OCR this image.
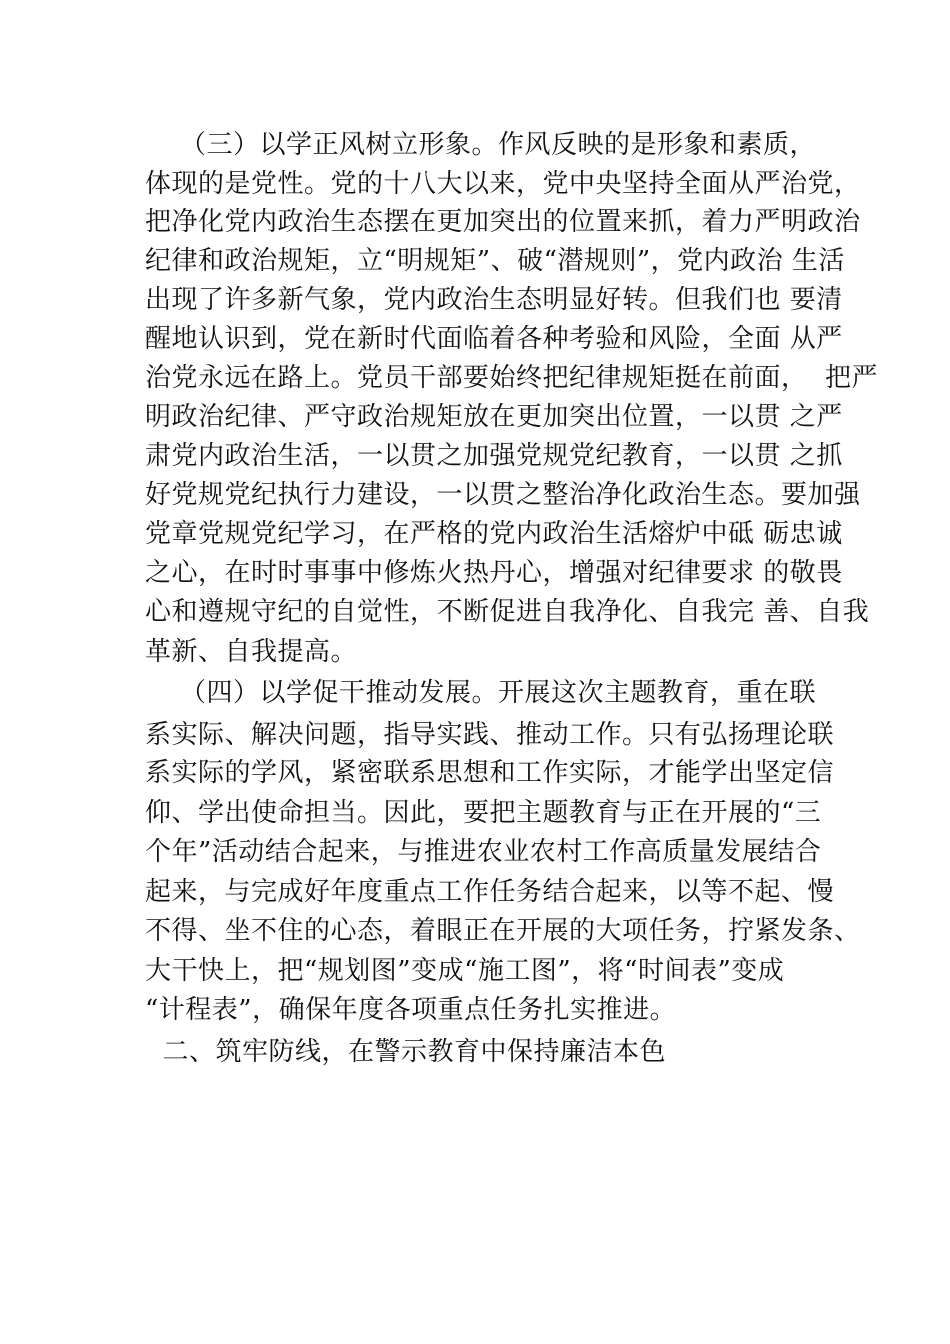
（三）以学正风树立形象。作风反映的是形象和素质，
体现的是党性。党的十八大以来，党中央坚持全面从严治党，
把净化党内政治生态摆在更加突出的位置来抓，着力严明政治
纪律和政治规矩，立“明规矩”、破“潜规则”，党内政治 生活
出现了许多新气象，党内政治生态明显好转。但我们也 要清
醒地认识到，党在新时代面临着各种考验和风险，全面 从严
治党永远在路上。党员干部要始终把纪律规矩挺在前面，  把严
明政治纪律、严守政治规矩放在更加突出位置，一以贯 之严
肃党内政治生活，一以贯之加强党规党纪教育，一以贯 之抓
好党规党纪执行力建设，一以贯之整治净化政治生态。要加强
党章党规党纪学习，在严格的党内政治生活熔炉中砥 砺忠诚
之心，在时时事事中修炼火热丹心，增强对纪律要求 的敬畏
心和遵规守纪的自觉性，不断促进自我净化、自我完 善、自我
革新、自我提高。
（四）以学促干推动发展。开展这次主题教育，重在联
系实际、解决问题，指导实践、推动工作。只有弘扬理论联
系实际的学风，紧密联系思想和工作实际，才能学出坚定信
仰、学出使命担当。因此，要把主题教育与正在开展的“三
个年”活动结合起来，与推进农业农村工作高质量发展结合
起来，与完成好年度重点工作任务结合起来，以等不起、慢
不得、坐不住的心态，着眼正在开展的大项任务，拧紧发条、
大干快上，把“规划图”变成“施工图”，将“时间表”变成
“计程表”，确保年度各项重点任务扎实推进。
二、筑牢防线，在警示教育中保持廉洁本色
